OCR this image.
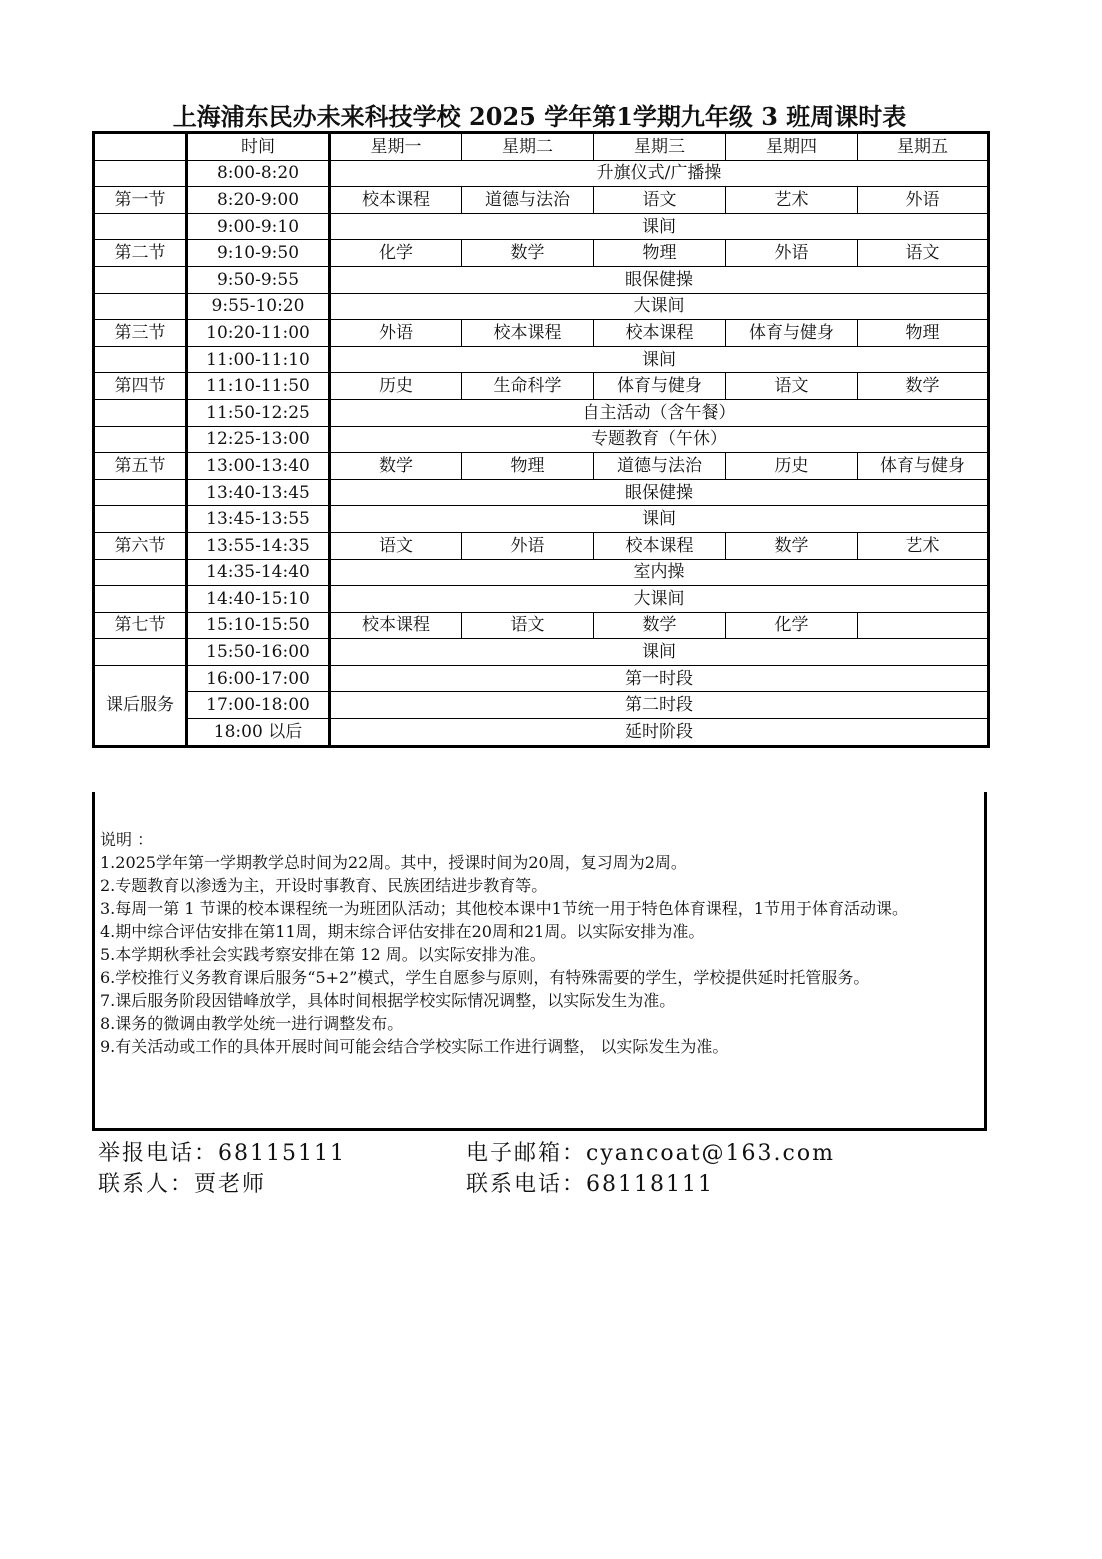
上海浦东民办未来科技学校 2025 学年第1学期九年级 3 班周课时表
	时间	星期一	星期二	星期三	星期四	星期五
	8:00-8:20	升旗仪式/广播操				
第一节	8:20-9:00	校本课程	道德与法治	语文	艺术	外语
	9:00-9:10	课间				
第二节	9:10-9:50	化学	数学	物理	外语	语文
	9:50-9:55	眼保健操				
	9:55-10:20	大课间				
第三节	10:20-11:00	外语	校本课程	校本课程	体育与健身	物理
	11:00-11:10	课间				
第四节	11:10-11:50	历史	生命科学	体育与健身	语文	数学
	11:50-12:25	自主活动（含午餐）				
	12:25-13:00	专题教育（午休）				
第五节	13:00-13:40	数学	物理	道德与法治	历史	体育与健身
	13:40-13:45	眼保健操				
	13:45-13:55	课间				
第六节	13:55-14:35	语文	外语	校本课程	数学	艺术
	14:35-14:40	室内操				
	14:40-15:10	大课间				
第七节	15:10-15:50	校本课程	语文	数学	化学	
	15:50-16:00	课间				
课后服务	16:00-17:00	第一时段				
	17:00-18:00	第二时段				
	18:00 以后	延时阶段				
说明 ：
1.2025学年第一学期教学总时间为22周。其中，授课时间为20周，复习周为2周。
2.专题教育以渗透为主，开设时事教育、民族团结进步教育等。
3.每周一第 1 节课的校本课程统一为班团队活动；其他校本课中1节统一用于特色体育课程，1节用于体育活动课。
4.期中综合评估安排在第11周，期末综合评估安排在20周和21周。以实际安排为准。
5.本学期秋季社会实践考察安排在第 12 周。以实际安排为准。
6.学校推行义务教育课后服务“5+2”模式，学生自愿参与原则，有特殊需要的学生，学校提供延时托管服务。
7.课后服务阶段因错峰放学，具体时间根据学校实际情况调整，以实际发生为准。
8.课务的微调由教学处统一进行调整发布。
9.有关活动或工作的具体开展时间可能会结合学校实际工作进行调整， 以实际发生为准。
举报电话：68115111	电子邮箱：cyancoat@163.com
联系人：贾老师	联系电话：68118111
